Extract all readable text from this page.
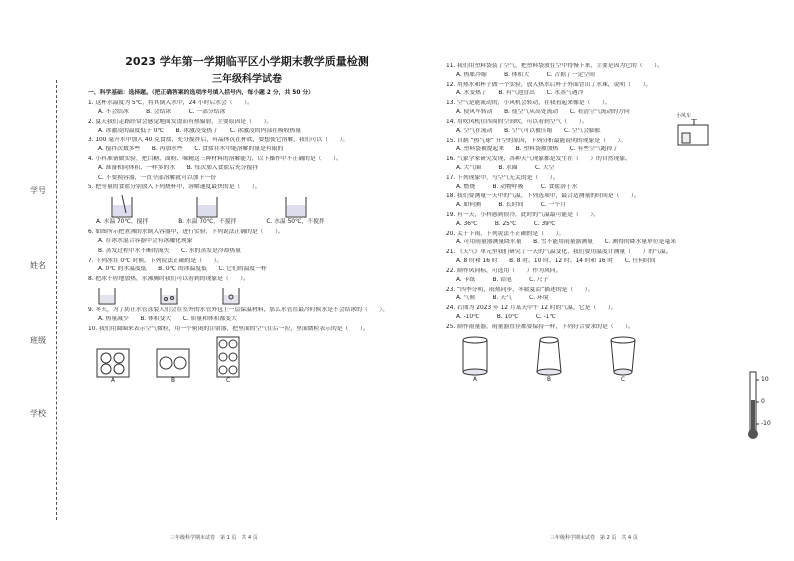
学号
姓名
班级
学校
2023 学年第一学期临平区小学期末教学质量检测
三年级科学试卷
一、科学基础：选择题。（把正确答案的选项序号填入括号内，每小题 2 分，共 50 分）
1. 这杯水温度为 5℃，将其倒入水中，24 小时后水会（　　）。
A. 不会结冰　　　B. 会结冰　　　C. 一部分结冰
2. 夏天我们走路经常会感觉地面发烫而有热辐射，主要原因是（　　）。
A. 冰激凌的温度低于 0℃　　B. 冰激凌受热了　　C. 冰激凌的内部在吸收热量
3. 100 毫升水中加入 40 克食盐，充分搅拌后，有晶体沉在杯底，要想使它溶解，我们可以（　　）。
A. 搅拌次数多些　　B. 再加水些　　C. 食盐在水中能溶解的量是有限的
4. 小科准备做实验，把白糖、面粉、味精这三种材料的溶解能力，以下操作中不正确的是（　　）。
A. 准备相同体积、一样多的水　　B. 每次加入食盐后充分搅拌
C. 不要换容器，一直全部溶解就可以加下一份
5. 把等量的食盐分别放入下列烧杯中，溶解速度最快的是（　　）。
A. 水温 70℃，搅拌	B. 水温 70℃，不搅拌	C. 水温 50℃，不搅拌
6. 如图所示把煮沸的水倒入容器中，进行实验，下列说法正确的是（　　）。
A. 在冰水混合容器中会有冰融化现象
B. 蒸发过程中水不断的流失　　C. 水的蒸发是冷却热量
7. 下列冰在 0℃ 时候，下列说法正确的是（　　）。
A. 0℃ 的水温度低　　B. 0℃ 的冰温度低　　C. 它们的温度一样
8. 把冰不停地加热，水沸腾时我们可以看到的现象是（　　）。
9. 冬天，为了防止水管冻裂人们会在室外的水管外包上一层保温材料，那么水管在最冷时候水是不会结冰的（　　）。
A. 热量减少　　B. 体积变大　　C. 质量和体积都变大
10. 我们用圆圈来表示空气微粒，用一个密闭的注射器，把里面的空气往后一拉，里面微粒表示的是（　　）。
A	B	C
三年级科学期末试卷　第 1 页　共 4 页
11. 我们用塑料袋装了空气，把塑料袋放在空中得慢下来，主要是因为它的（　　）。
A. 热胀冷缩　　　B. 体积大　　　C. 占据了一定空间
12. 用热水和杯子做一个实验，放入热水后杯子外面冒出了水珠，说明（　　）。
A. 水变热了　　B. 有气泡冒出　　C. 水蒸气遇冷
13. 空气是能流动的，小风机会转动，在我看起来像是（　　）。
A. 使风车转动　　B. 使空气从高处流动　　C. 看清空气流动的方向
14. 用吹风机往四周的空间吹，可以看到空气（　　）。
A. 空气在流动　　B. 空气可以被压缩　　C. 空气会膨胀
15. 自制 “热气球” 升空的原因，下列分析最能说明的现象是（　　）。
A. 塑料袋被提起来　　B. 塑料袋被加热　　C. 有些空气跑掉了
16. 气象学家研究发现，各种天气现象都是发生在（　　）的自然现象。
A. 大气圈　　　B. 水圈　　　C. 大空
17. 下列现象中，与空气无关的是（　　）。
A. 燃烧　　　B. 动物呼吸　　　C. 食盐溶于水
18. 我们要测量一天中的气温，下列选项中，最合适测量的时间是（　　）。
A. 如何测　　　B. 长时间　　　C. 一个月
19. 有一天，小科感到很冷，此时的气温最可能是（　　）。
A. 36℃　　　B. 25℃　　　C. 39℃
20. 关于下雨，下列说法不正确的是（　　）。
A. 可用雨量器测量降水量　　B. 雪不能用雨量器测量　　C. 测得的降水量单位是毫米
21. 《天气》单元里我们研究了一天的气温变化，我们要用温度计测量（　　）的气温。
A. 8 时和 16 时　　B. 8 时、10 时、12 时、14 时和 16 时　　C. 任何时间
22. 制作风向标，可选用（　　）作为风向。
A. 卡纸　　　B. 铅笔　　　C. 尺子
23. “四季分明，雨热同步，冬暖夏凉”描述的是（　　）。
A. 气候　　　B. 天气　　　C. 环境
24. 右图为 2023 年 12 月某天中午 12 时的气温，它是（　　）。
A. -10℃　　　B. 10℃　　　C. -1℃
25. 制作雨量器，雨量器直径都要保持一样，下列符合要求的是（　　）。
A	B	C
小风车
10
0
-10
三年级科学期末试卷　第 2 页　共 4 页
